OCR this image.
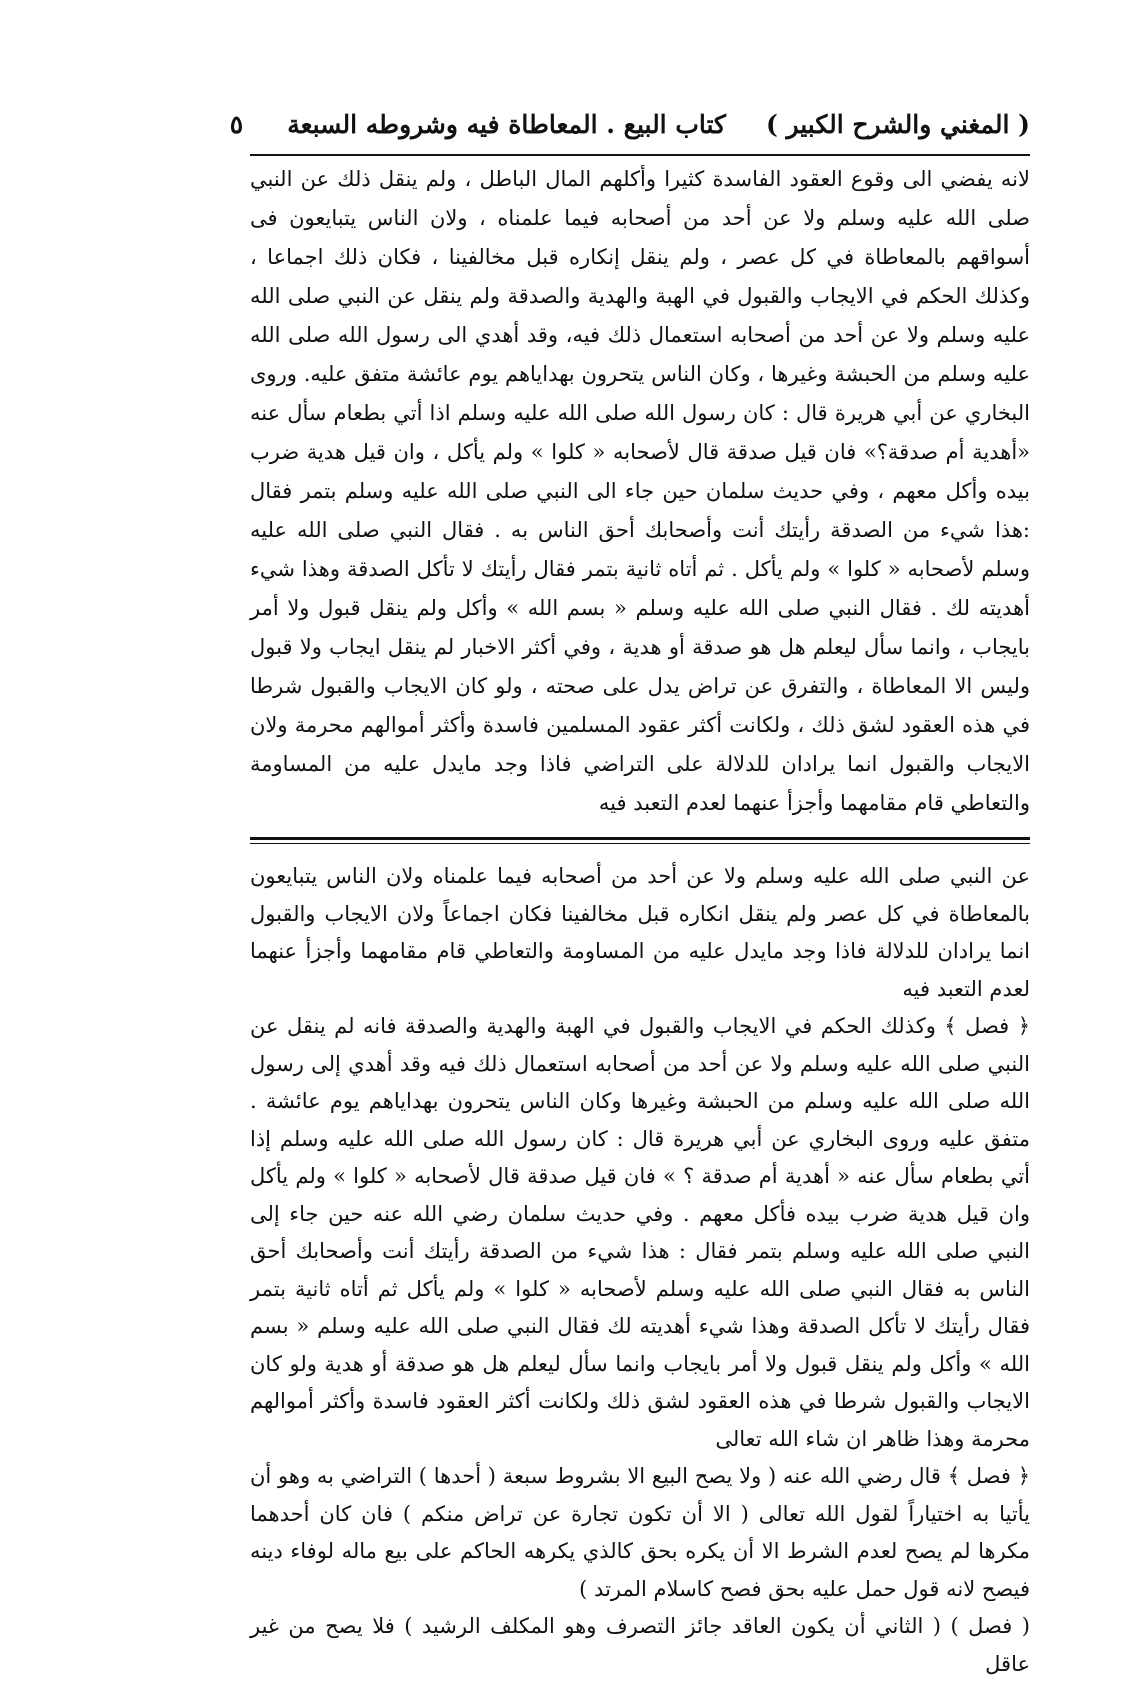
( المغني والشرح الكبير )
كتاب البيع . المعاطاة فيه وشروطه السبعة
٥

لانه يفضي الى وقوع العقود الفاسدة كثيرا وأكلهم المال الباطل ، ولم ينقل ذلك عن النبي صلى الله عليه وسلم ولا عن أحد من أصحابه فيما علمناه ، ولان الناس يتبايعون فى أسواقهم بالمعاطاة في كل عصر ، ولم ينقل إنكاره قبل مخالفينا ، فكان ذلك اجماعا ، وكذلك الحكم في الايجاب والقبول في الهبة والهدية والصدقة ولم ينقل عن النبي صلى الله عليه وسلم ولا عن أحد من أصحابه استعمال ذلك فيه، وقد أهدي الى رسول الله صلى الله عليه وسلم من الحبشة وغيرها ، وكان الناس يتحرون بهداياهم يوم عائشة متفق عليه. وروى البخاري عن أبي هريرة قال : كان رسول الله صلى الله عليه وسلم اذا أتي بطعام سأل عنه «أهدية أم صدقة؟» فان قيل صدقة قال لأصحابه « كلوا » ولم يأكل ، وان قيل هدية ضرب بيده وأكل معهم ، وفي حديث سلمان حين جاء الى النبي صلى الله عليه وسلم بتمر فقال :هذا شيء من الصدقة رأيتك أنت وأصحابك أحق الناس به . فقال النبي صلى الله عليه وسلم لأصحابه « كلوا » ولم يأكل . ثم أتاه ثانية بتمر فقال رأيتك لا تأكل الصدقة وهذا شيء أهديته لك . فقال النبي صلى الله عليه وسلم « بسم الله » وأكل ولم ينقل قبول ولا أمر بايجاب ، وانما سأل ليعلم هل هو صدقة أو هدية ، وفي أكثر الاخبار لم ينقل ايجاب ولا قبول وليس الا المعاطاة ، والتفرق عن تراض يدل على صحته ، ولو كان الايجاب والقبول شرطا في هذه العقود لشق ذلك ، ولكانت أكثر عقود المسلمين فاسدة وأكثر أموالهم محرمة ولان الايجاب والقبول انما يرادان للدلالة على التراضي فاذا وجد مايدل عليه من المساومة والتعاطي قام مقامهما وأجزأ عنهما لعدم التعبد فيه

عن النبي صلى الله عليه وسلم ولا عن أحد من أصحابه فيما علمناه ولان الناس يتبايعون بالمعاطاة في كل عصر ولم ينقل انكاره قبل مخالفينا فكان اجماعاً ولان الايجاب والقبول انما يرادان للدلالة فاذا وجد مايدل عليه من المساومة والتعاطي قام مقامهما وأجزأ عنهما لعدم التعبد فيه

﴿ فصل ﴾ وكذلك الحكم في الايجاب والقبول في الهبة والهدية والصدقة فانه لم ينقل عن النبي صلى الله عليه وسلم ولا عن أحد من أصحابه استعمال ذلك فيه وقد أهدي إلى رسول الله صلى الله عليه وسلم من الحبشة وغيرها وكان الناس يتحرون بهداياهم يوم عائشة . متفق عليه وروى البخاري عن أبي هريرة قال : كان رسول الله صلى الله عليه وسلم إذا أتي بطعام سأل عنه « أهدية أم صدقة ؟ » فان قيل صدقة قال لأصحابه « كلوا » ولم يأكل وان قيل هدية ضرب بيده فأكل معهم . وفي حديث سلمان رضي الله عنه حين جاء إلى النبي صلى الله عليه وسلم بتمر فقال : هذا شيء من الصدقة رأيتك أنت وأصحابك أحق الناس به فقال النبي صلى الله عليه وسلم لأصحابه « كلوا » ولم يأكل ثم أتاه ثانية بتمر فقال رأيتك لا تأكل الصدقة وهذا شيء أهديته لك فقال النبي صلى الله عليه وسلم « بسم الله » وأكل ولم ينقل قبول ولا أمر بايجاب وانما سأل ليعلم هل هو صدقة أو هدية ولو كان الايجاب والقبول شرطا في هذه العقود لشق ذلك ولكانت أكثر العقود فاسدة وأكثر أموالهم محرمة وهذا ظاهر ان شاء الله تعالى

﴿ فصل ﴾ قال رضي الله عنه ( ولا يصح البيع الا بشروط سبعة ( أحدها ) التراضي به وهو أن يأتيا به اختياراً لقول الله تعالى ( الا أن تكون تجارة عن تراض منكم ) فان كان أحدهما مكرها لم يصح لعدم الشرط الا أن يكره بحق كالذي يكرهه الحاكم على بيع ماله لوفاء دينه فيصح لانه قول حمل عليه بحق فصح كاسلام المرتد )

( فصل ) ( الثاني أن يكون العاقد جائز التصرف وهو المكلف الرشيد ) فلا يصح من غير عاقل
